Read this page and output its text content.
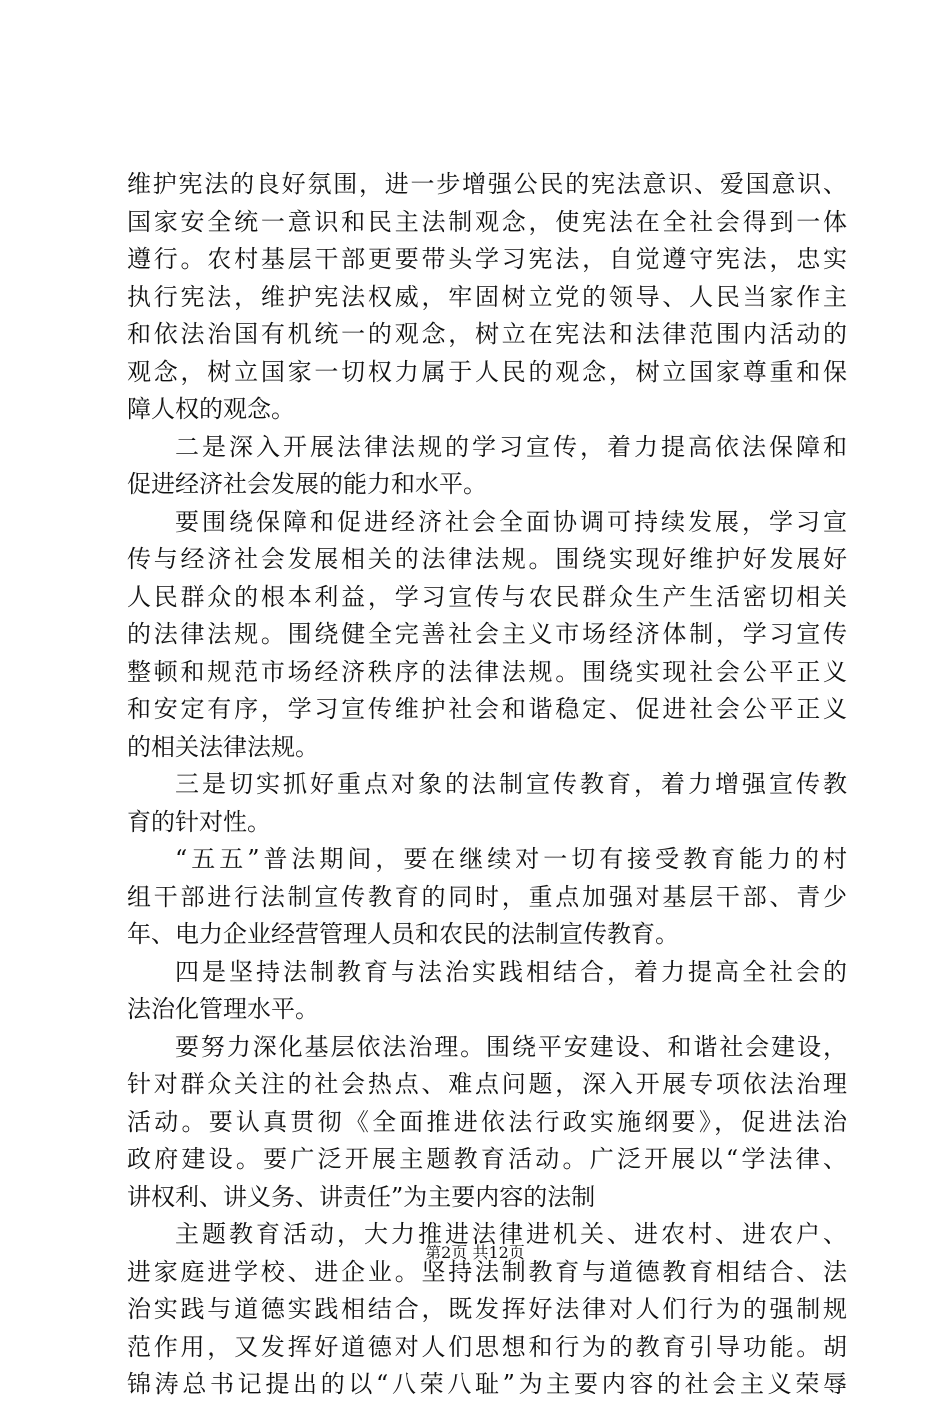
维护宪法的良好氛围，进一步增强公民的宪法意识、爱国意识、
国家安全统一意识和民主法制观念，使宪法在全社会得到一体
遵行。农村基层干部更要带头学习宪法，自觉遵守宪法，忠实
执行宪法，维护宪法权威，牢固树立党的领导、人民当家作主
和依法治国有机统一的观念，树立在宪法和法律范围内活动的
观念，树立国家一切权力属于人民的观念，树立国家尊重和保
障人权的观念。
二是深入开展法律法规的学习宣传，着力提高依法保障和
促进经济社会发展的能力和水平。
要围绕保障和促进经济社会全面协调可持续发展，学习宣
传与经济社会发展相关的法律法规。围绕实现好维护好发展好
人民群众的根本利益，学习宣传与农民群众生产生活密切相关
的法律法规。围绕健全完善社会主义市场经济体制，学习宣传
整顿和规范市场经济秩序的法律法规。围绕实现社会公平正义
和安定有序，学习宣传维护社会和谐稳定、促进社会公平正义
的相关法律法规。
三是切实抓好重点对象的法制宣传教育，着力增强宣传教
育的针对性。
“五五”普法期间，要在继续对一切有接受教育能力的村
组干部进行法制宣传教育的同时，重点加强对基层干部、青少
年、电力企业经营管理人员和农民的法制宣传教育。
四是坚持法制教育与法治实践相结合，着力提高全社会的
法治化管理水平。
要努力深化基层依法治理。围绕平安建设、和谐社会建设，
针对群众关注的社会热点、难点问题，深入开展专项依法治理
活动。要认真贯彻《全面推进依法行政实施纲要》，促进法治
政府建设。要广泛开展主题教育活动。广泛开展以“学法律、
讲权利、讲义务、讲责任”为主要内容的法制
主题教育活动，大力推进法律进机关、进农村、进农户、
进家庭进学校、进企业。坚持法制教育与道德教育相结合、法
治实践与道德实践相结合，既发挥好法律对人们行为的强制规
范作用，又发挥好道德对人们思想和行为的教育引导功能。胡
锦涛总书记提出的以“八荣八耻”为主要内容的社会主义荣辱
第2页 共12页
